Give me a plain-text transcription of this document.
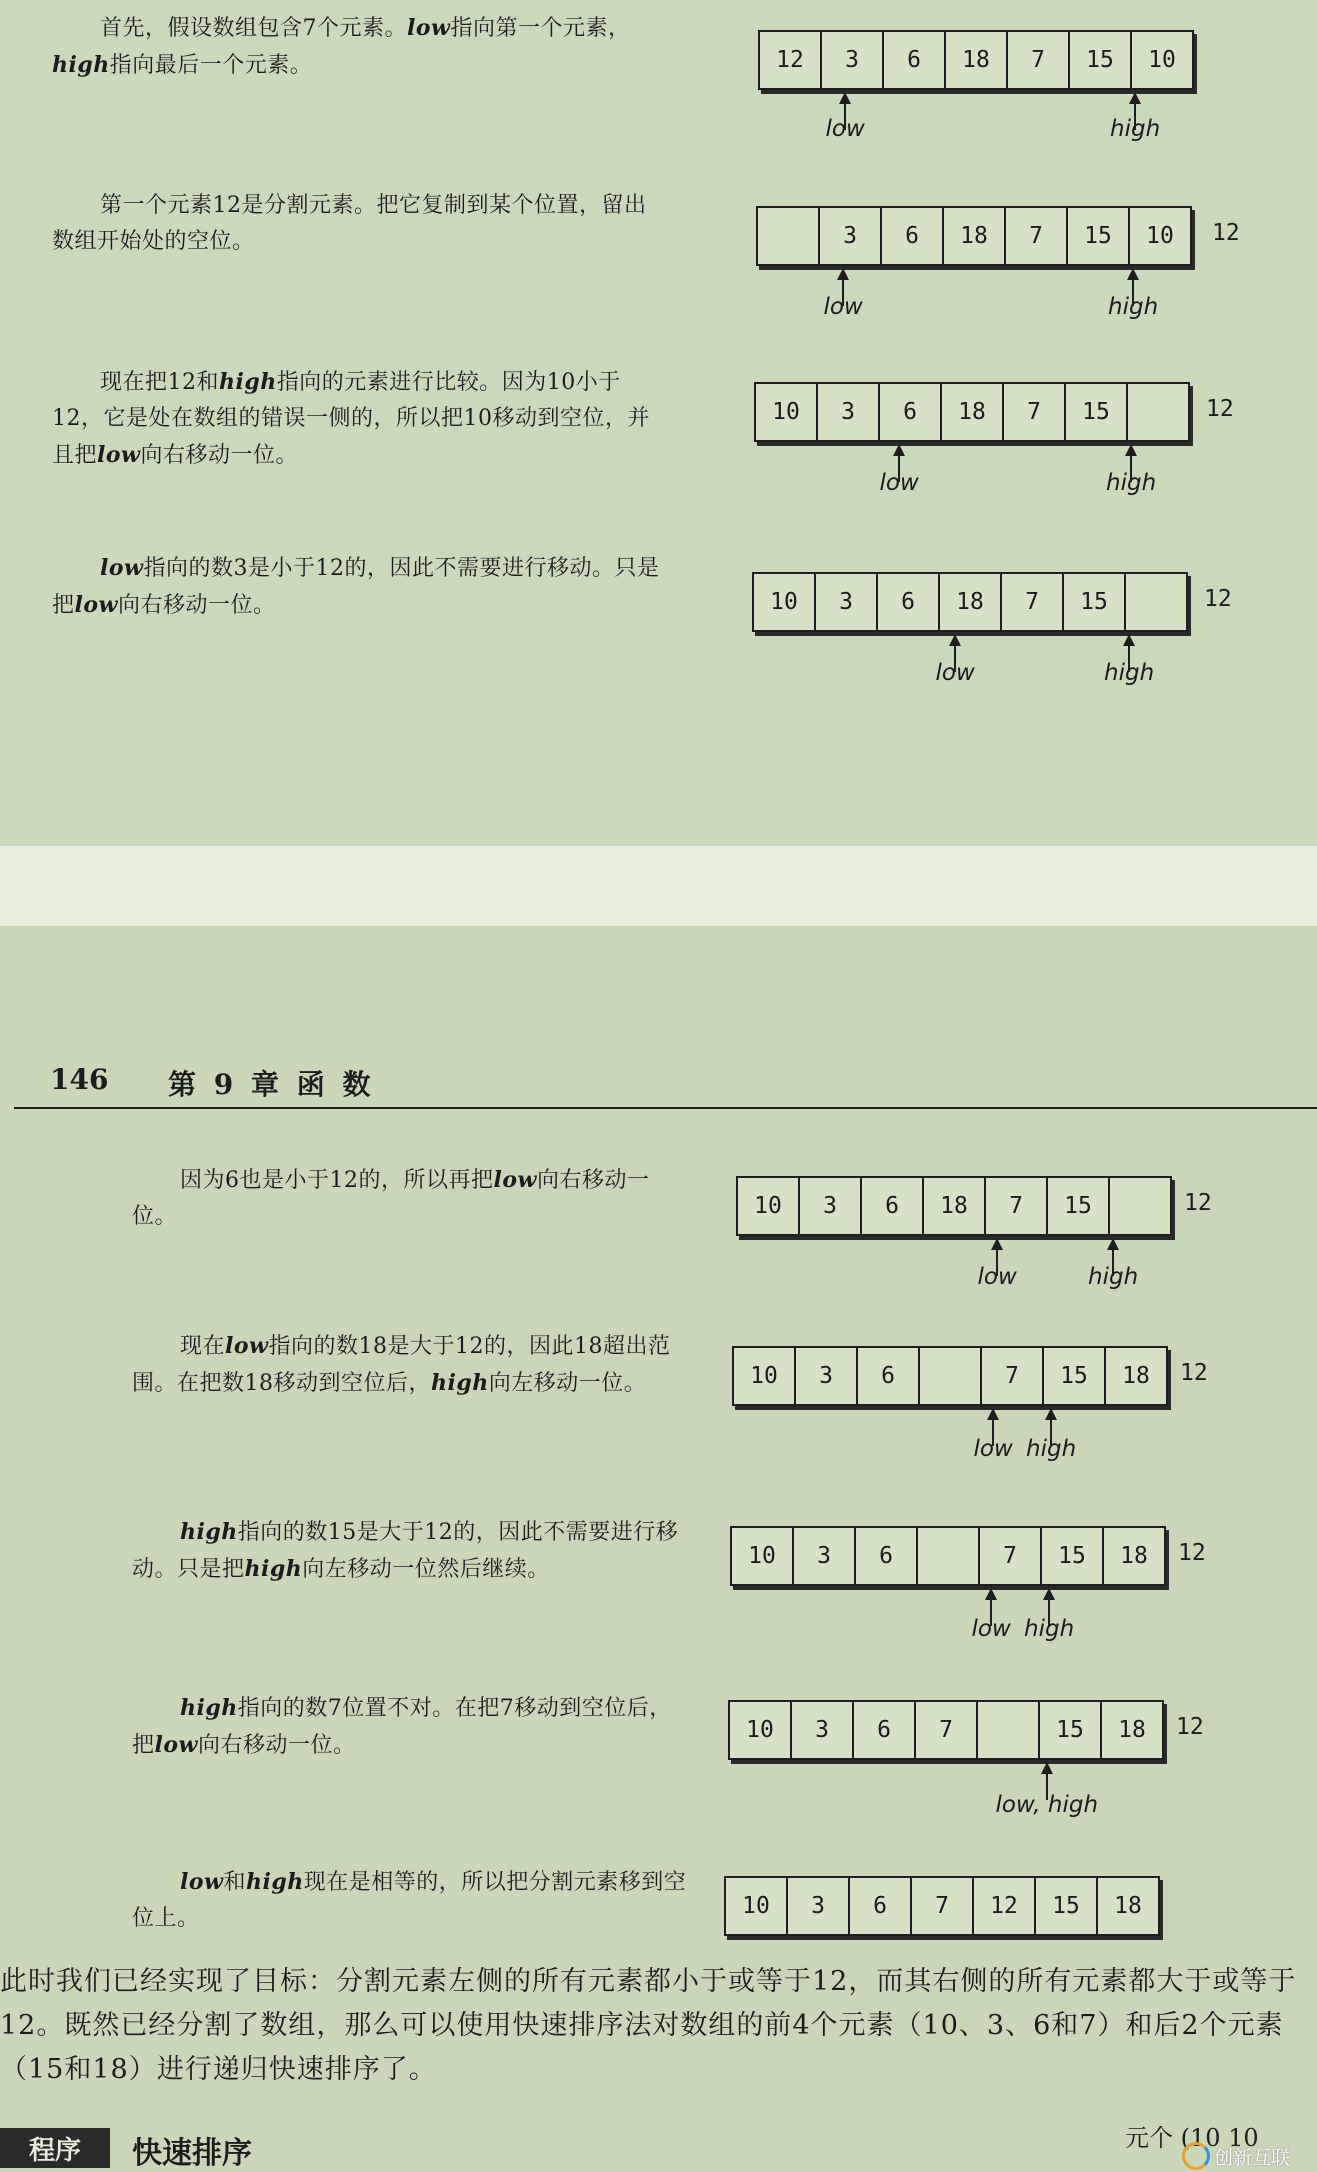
146 第 9 章 函 数
首先，假设数组包含7个元素。low指向第一个元素，high指向最后一个元素。	12	3	6	18	7	15	10
low	high
第一个元素12是分割元素。把它复制到某个位置，留出数组开始处的空位。	3	6	18	7	15	10	12
low	high
现在把12和high指向的元素进行比较。因为10小于12，它是处在数组的错误一侧的，所以把10移动到空位，并且把low向右移动一位。
10	3	6	18	7	15	12
low	high
low指向的数3是小于12的，因此不需要进行移动。只是把low向右移动一位。	10	3	6	18	7	15	12
low	high
因为6也是小于12的，所以再把low向右移动一位。	10	3	6	18	7	15	12
low	high
现在low指向的数18是大于12的，因此18超出范围。在把数18移动到空位后，high向左移动一位。	10	3	6	7	15	18	12
low high
high指向的数15是大于12的，因此不需要进行移动。只是把high向左移动一位然后继续。
10	3	6	7	15	18	12
low high
high指向的数7位置不对。在把7移动到空位后，把low向右移动一位。
10	3	6	7	15	18	12
low, high
low和high现在是相等的，所以把分割元素移到空位上。	10	3	6	7	12	15	18
此时我们已经实现了目标：分割元素左侧的所有元素都小于或等于12，而其右侧的所有元素都大于或等于12。既然已经分割了数组，那么可以使用快速排序法对数组的前4个元素（10、3、6和7）和后2个元素（15和18）进行递归快速排序了。
程序	快速排序	元个 (10 10
创新互联
